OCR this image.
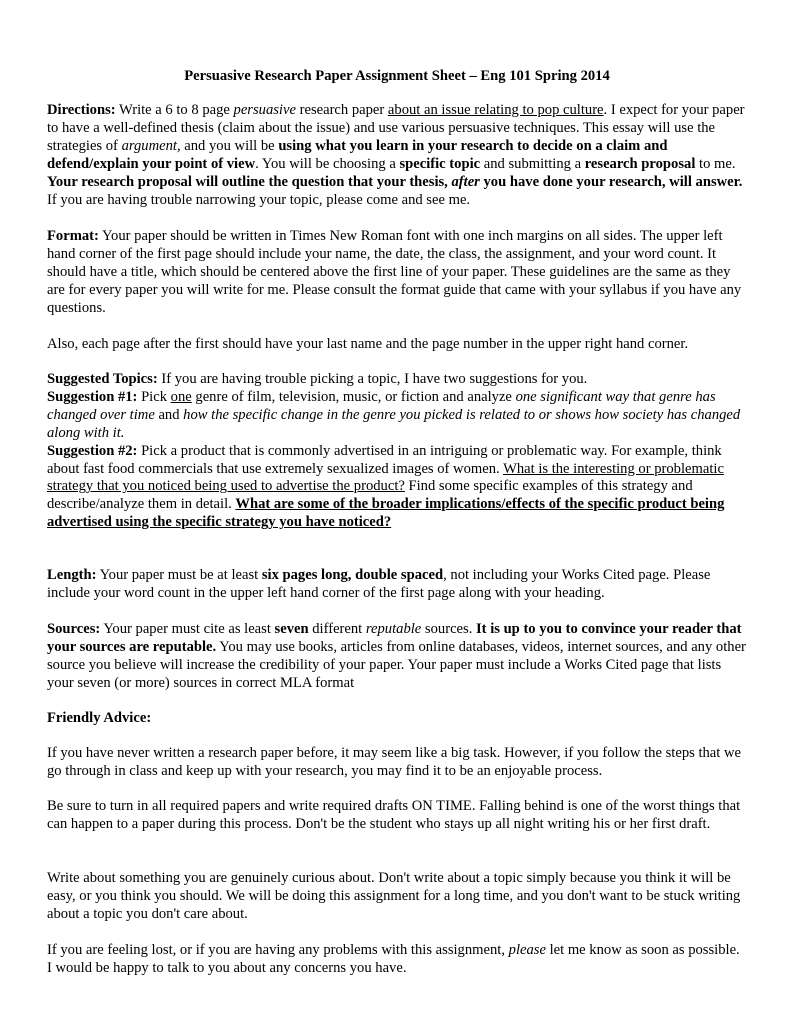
Persuasive Research Paper Assignment Sheet – Eng 101 Spring 2014

Directions: Write a 6 to 8 page persuasive research paper about an issue relating to pop culture. I expect for your paper to have a well-defined thesis (claim about the issue) and use various persuasive techniques. This essay will use the strategies of argument, and you will be using what you learn in your research to decide on a claim and defend/explain your point of view. You will be choosing a specific topic and submitting a research proposal to me. Your research proposal will outline the question that your thesis, after you have done your research, will answer. If you are having trouble narrowing your topic, please come and see me.

Format: Your paper should be written in Times New Roman font with one inch margins on all sides. The upper left hand corner of the first page should include your name, the date, the class, the assignment, and your word count. It should have a title, which should be centered above the first line of your paper. These guidelines are the same as they are for every paper you will write for me. Please consult the format guide that came with your syllabus if you have any questions.

Also, each page after the first should have your last name and the page number in the upper right hand corner.

Suggested Topics: If you are having trouble picking a topic, I have two suggestions for you.

Suggestion #1: Pick one genre of film, television, music, or fiction and analyze one significant way that genre has changed over time and how the specific change in the genre you picked is related to or shows how society has changed along with it.

Suggestion #2: Pick a product that is commonly advertised in an intriguing or problematic way. For example, think about fast food commercials that use extremely sexualized images of women. What is the interesting or problematic strategy that you noticed being used to advertise the product? Find some specific examples of this strategy and describe/analyze them in detail. What are some of the broader implications/effects of the specific product being advertised using the specific strategy you have noticed?

Length: Your paper must be at least six pages long, double spaced, not including your Works Cited page. Please include your word count in the upper left hand corner of the first page along with your heading.

Sources: Your paper must cite as least seven different reputable sources. It is up to you to convince your reader that your sources are reputable. You may use books, articles from online databases, videos, internet sources, and any other source you believe will increase the credibility of your paper. Your paper must include a Works Cited page that lists your seven (or more) sources in correct MLA format

Friendly Advice:

If you have never written a research paper before, it may seem like a big task. However, if you follow the steps that we go through in class and keep up with your research, you may find it to be an enjoyable process.

Be sure to turn in all required papers and write required drafts ON TIME. Falling behind is one of the worst things that can happen to a paper during this process. Don't be the student who stays up all night writing his or her first draft.

Write about something you are genuinely curious about. Don't write about a topic simply because you think it will be easy, or you think you should. We will be doing this assignment for a long time, and you don't want to be stuck writing about a topic you don't care about.

If you are feeling lost, or if you are having any problems with this assignment, please let me know as soon as possible. I would be happy to talk to you about any concerns you have.
